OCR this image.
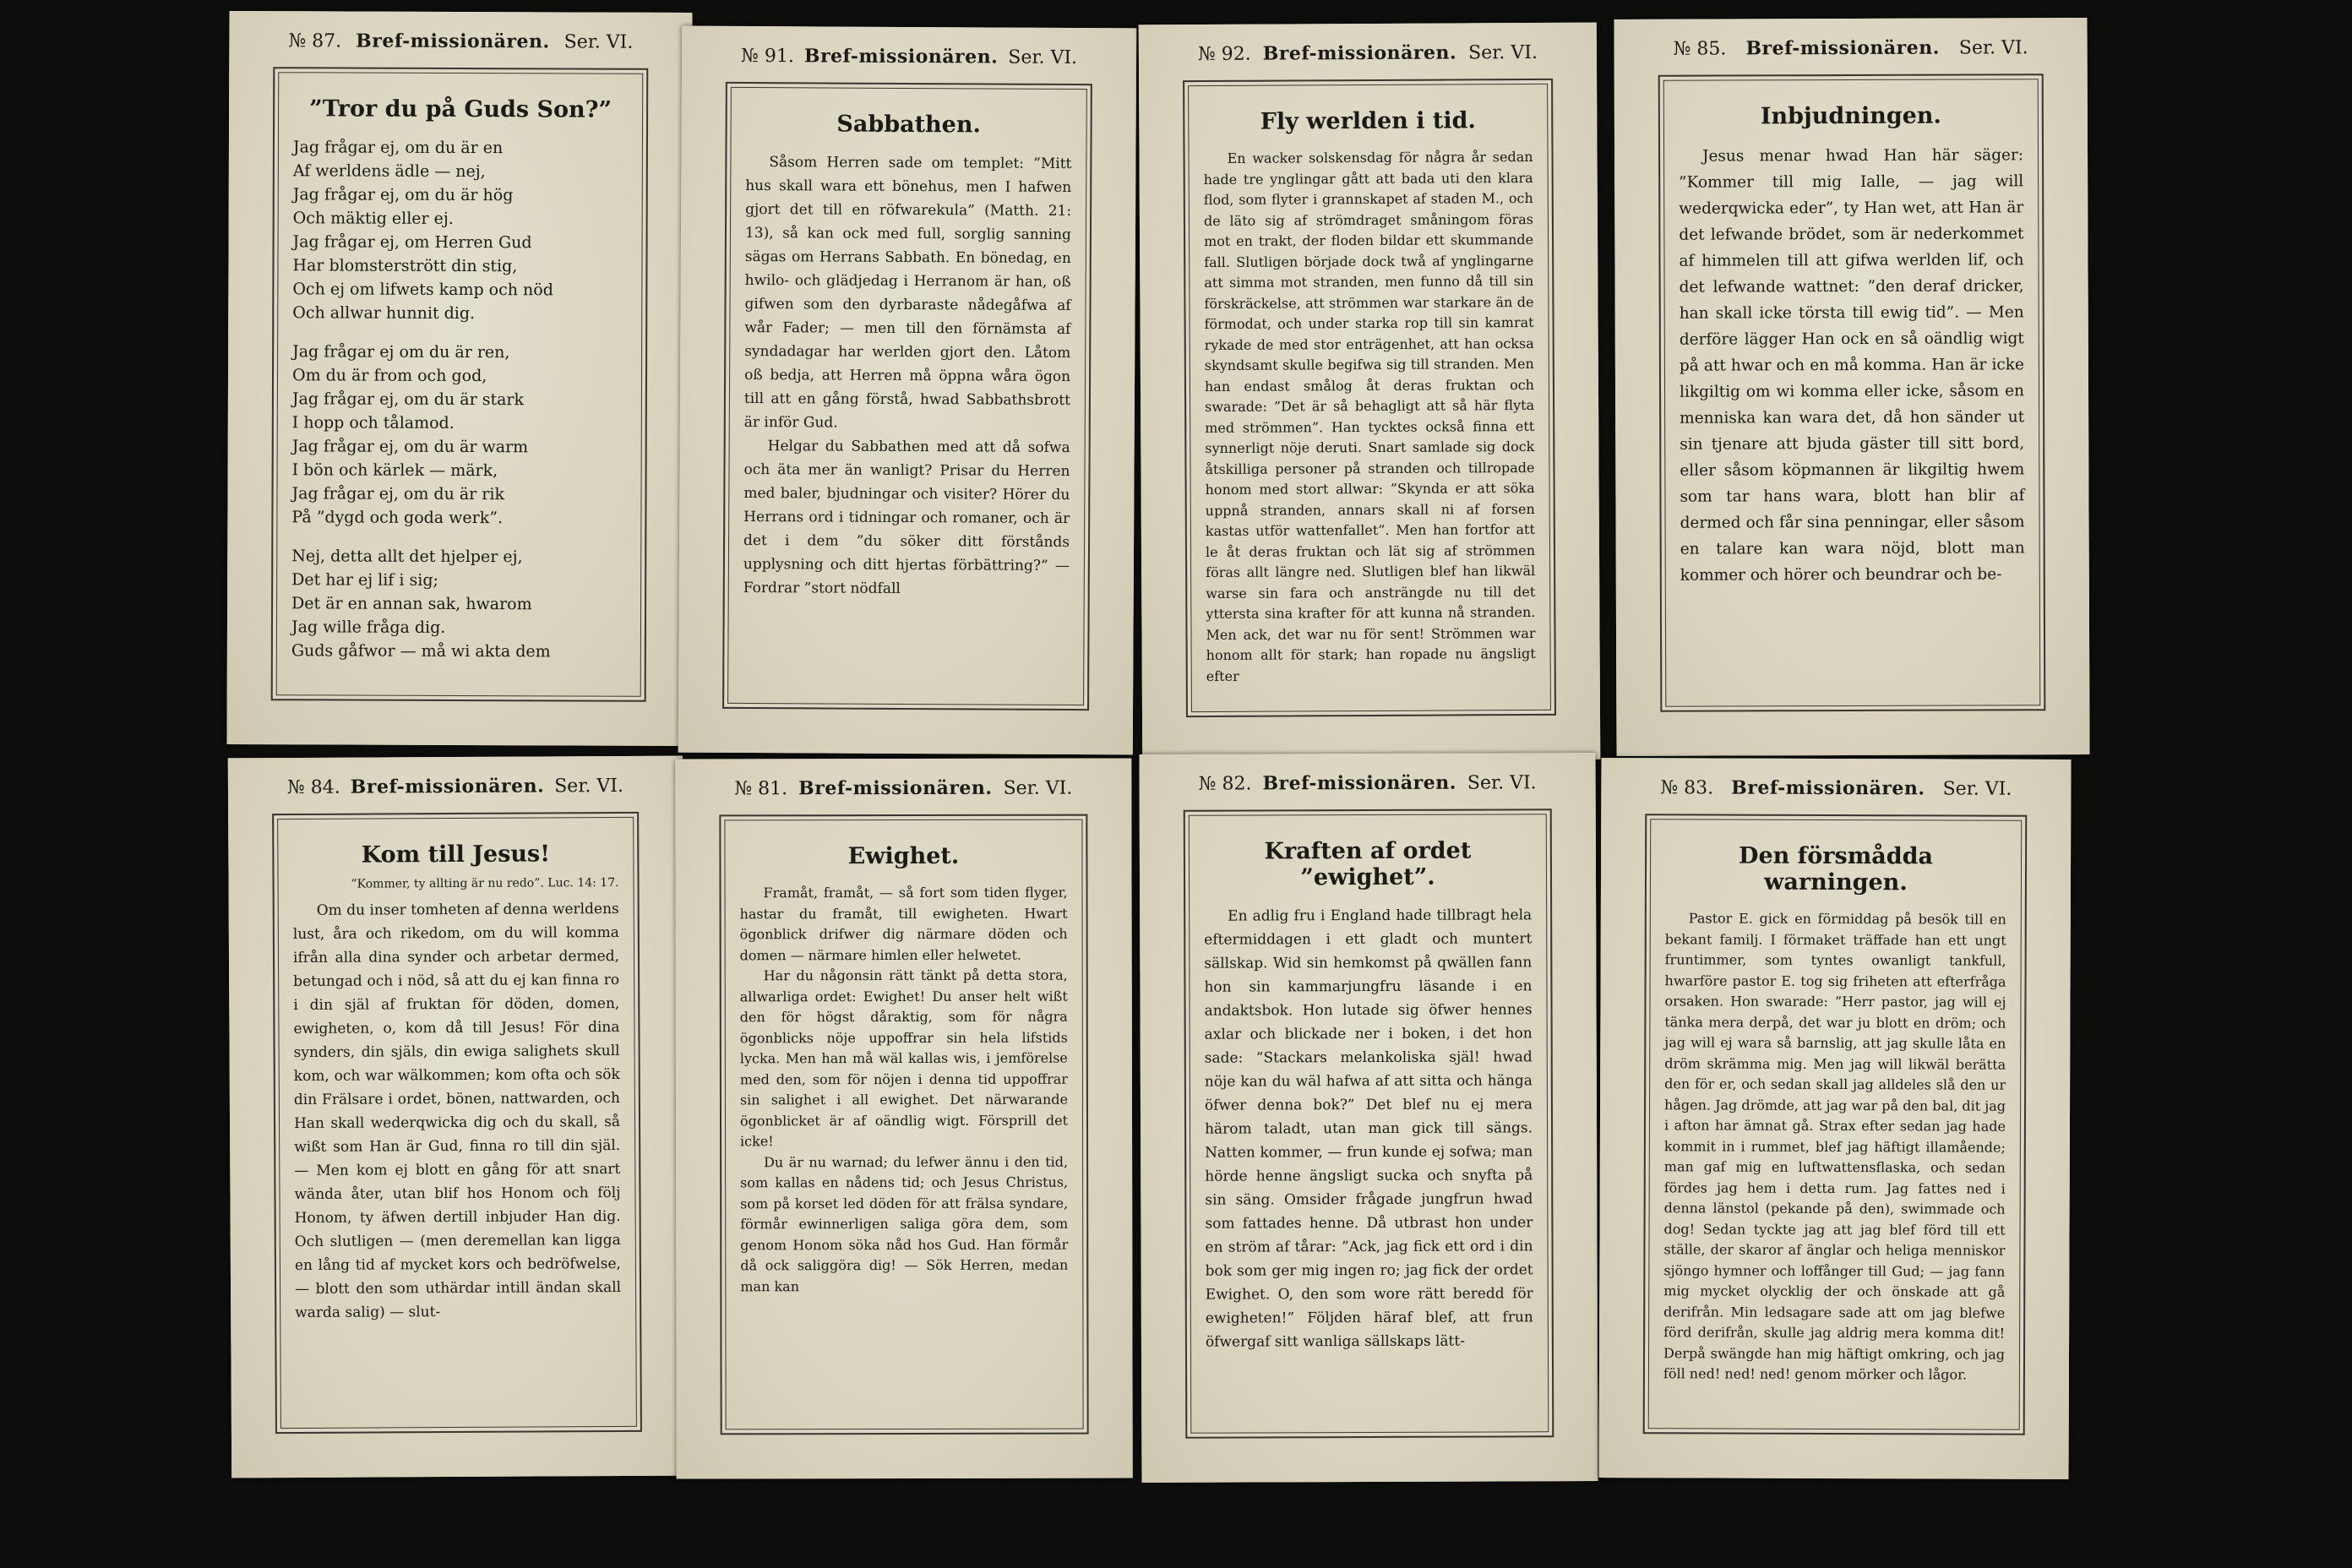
№ 87. Bref-missionären. Ser. VI.
”Tror du på Guds Son?”
Jag frågar ej, om du är en
Af werldens ädle — nej,
Jag frågar ej, om du är hög
Och mäktig eller ej.
Jag frågar ej, om Herren Gud
Har blomsterstrött din stig,
Och ej om lifwets kamp och nöd
Och allwar hunnit dig.
Jag frågar ej om du är ren,
Om du är from och god,
Jag frågar ej, om du är stark
I hopp och tålamod.
Jag frågar ej, om du är warm
I bön och kärlek — märk,
Jag frågar ej, om du är rik
På ”dygd och goda werk”.
Nej, detta allt det hjelper ej,
Det har ej lif i sig;
Det är en annan sak, hwarom
Jag wille fråga dig.
Guds gåfwor — må wi akta dem
№ 91. Bref-missionären. Ser. VI.
Sabbathen.

Såsom Herren sade om templet: ”Mitt hus skall wara ett bönehus, men I hafwen gjort det till en röfwarekula” (Matth. 21: 13), så kan ock med full, sorglig sanning sägas om Herrans Sabbath. En bönedag, en hwilo- och glädjedag i Herranom är han, oß gifwen som den dyrbaraste nådegåfwa af wår Fader; — men till den förnämsta af syndadagar har werlden gjort den. Låtom oß bedja, att Herren må öppna wåra ögon till att en gång förstå, hwad Sabbathsbrott är inför Gud.

Helgar du Sabbathen med att då sofwa och äta mer än wanligt? Prisar du Herren med baler, bjudningar och visiter? Hörer du Herrans ord i tidningar och romaner, och är det i dem ”du söker ditt förstånds upplysning och ditt hjertas förbättring?” — Fordrar ”stort nödfall

№ 92. Bref-missionären. Ser. VI.
Fly werlden i tid.

En wacker solskensdag för några år sedan hade tre ynglingar gått att bada uti den klara flod, som flyter i grannskapet af staden M., och de läto sig af strömdraget småningom föras mot en trakt, der floden bildar ett skummande fall. Slutligen började dock twå af ynglingarne att simma mot stranden, men funno då till sin förskräckelse, att strömmen war starkare än de förmodat, och under starka rop till sin kamrat rykade de med stor enträgenhet, att han ocksa skyndsamt skulle begifwa sig till stranden. Men han endast smålog åt deras fruktan och swarade: ”Det är så behagligt att så här flyta med strömmen”. Han tycktes också finna ett synnerligt nöje deruti. Snart samlade sig dock åtskilliga personer på stranden och tillropade honom med stort allwar: ”Skynda er att söka uppnå stranden, annars skall ni af forsen kastas utför wattenfallet”. Men han fortfor att le åt deras fruktan och lät sig af strömmen föras allt längre ned. Slutligen blef han likwäl warse sin fara och ansträngde nu till det yttersta sina krafter för att kunna nå stranden. Men ack, det war nu för sent! Strömmen war honom allt för stark; han ropade nu ängsligt efter

№ 85. Bref-missionären. Ser. VI.
Inbjudningen.

Jesus menar hwad Han här säger: ”Kommer till mig Ialle, — jag will wederqwicka eder”, ty Han wet, att Han är det lefwande brödet, som är nederkommet af himmelen till att gifwa werlden lif, och det lefwande wattnet: ”den deraf dricker, han skall icke törsta till ewig tid”. — Men derföre lägger Han ock en så oändlig wigt på att hwar och en må komma. Han är icke likgiltig om wi komma eller icke, såsom en menniska kan wara det, då hon sänder ut sin tjenare att bjuda gäster till sitt bord, eller såsom köpmannen är likgiltig hwem som tar hans wara, blott han blir af dermed och får sina penningar, eller såsom en talare kan wara nöjd, blott man kommer och hörer och beundrar och be-

№ 84. Bref-missionären. Ser. VI.
Kom till Jesus!
”Kommer, ty allting är nu redo”. Luc. 14: 17.

Om du inser tomheten af denna werldens lust, åra och rikedom, om du will komma ifrån alla dina synder och arbetar dermed, betungad och i nöd, så att du ej kan finna ro i din själ af fruktan för döden, domen, ewigheten, o, kom då till Jesus! För dina synders, din själs, din ewiga salighets skull kom, och war wälkommen; kom ofta och sök din Frälsare i ordet, bönen, nattwarden, och Han skall wederqwicka dig och du skall, så wißt som Han är Gud, finna ro till din själ. — Men kom ej blott en gång för att snart wända åter, utan blif hos Honom och följ Honom, ty äfwen dertill inbjuder Han dig. Och slutligen — (men deremellan kan ligga en lång tid af mycket kors och bedröfwelse, — blott den som uthärdar intill ändan skall warda salig) — slut-

№ 81. Bref-missionären. Ser. VI.
Ewighet.

Framåt, framåt, — så fort som tiden flyger, hastar du framåt, till ewigheten. Hwart ögonblick drifwer dig närmare döden och domen — närmare himlen eller helwetet.

Har du någonsin rätt tänkt på detta stora, allwarliga ordet: Ewighet! Du anser helt wißt den för högst dåraktig, som för några ögonblicks nöje uppoffrar sin hela lifstids lycka. Men han må wäl kallas wis, i jemförelse med den, som för nöjen i denna tid uppoffrar sin salighet i all ewighet. Det närwarande ögonblicket är af oändlig wigt. Försprill det icke!

Du är nu warnad; du lefwer ännu i den tid, som kallas en nådens tid; och Jesus Christus, som på korset led döden för att frälsa syndare, förmår ewinnerligen saliga göra dem, som genom Honom söka nåd hos Gud. Han förmår då ock saliggöra dig! — Sök Herren, medan man kan

№ 82. Bref-missionären. Ser. VI.
Kraften af ordet ”ewighet”.

En adlig fru i England hade tillbragt hela eftermiddagen i ett gladt och muntert sällskap. Wid sin hemkomst på qwällen fann hon sin kammarjungfru läsande i en andaktsbok. Hon lutade sig öfwer hennes axlar och blickade ner i boken, i det hon sade: ”Stackars melankoliska själ! hwad nöje kan du wäl hafwa af att sitta och hänga öfwer denna bok?” Det blef nu ej mera härom taladt, utan man gick till sängs. Natten kommer, — frun kunde ej sofwa; man hörde henne ängsligt sucka och snyfta på sin säng. Omsider frågade jungfrun hwad som fattades henne. Då utbrast hon under en ström af tårar: ”Ack, jag fick ett ord i din bok som ger mig ingen ro; jag fick der ordet Ewighet. O, den som wore rätt beredd för ewigheten!” Följden häraf blef, att frun öfwergaf sitt wanliga sällskaps lätt-

№ 83. Bref-missionären. Ser. VI.
Den försmådda warningen.

Pastor E. gick en förmiddag på besök till en bekant familj. I förmaket träffade han ett ungt fruntimmer, som tyntes owanligt tankfull, hwarföre pastor E. tog sig friheten att efterfråga orsaken. Hon swarade: ”Herr pastor, jag will ej tänka mera derpå, det war ju blott en dröm; och jag will ej wara så barnslig, att jag skulle låta en dröm skrämma mig. Men jag will likwäl berätta den för er, och sedan skall jag alldeles slå den ur hågen. Jag drömde, att jag war på den bal, dit jag i afton har ämnat gå. Strax efter sedan jag hade kommit in i rummet, blef jag häftigt illamående; man gaf mig en luftwattensflaska, och sedan fördes jag hem i detta rum. Jag fattes ned i denna länstol (pekande på den), swimmade och dog! Sedan tyckte jag att jag blef förd till ett ställe, der skaror af änglar och heliga menniskor sjöngo hymner och loffånger till Gud; — jag fann mig mycket olycklig der och önskade att gå derifrån. Min ledsagare sade att om jag blefwe förd derifrån, skulle jag aldrig mera komma dit! Derpå swängde han mig häftigt omkring, och jag föll ned! ned! ned! genom mörker och lågor.
